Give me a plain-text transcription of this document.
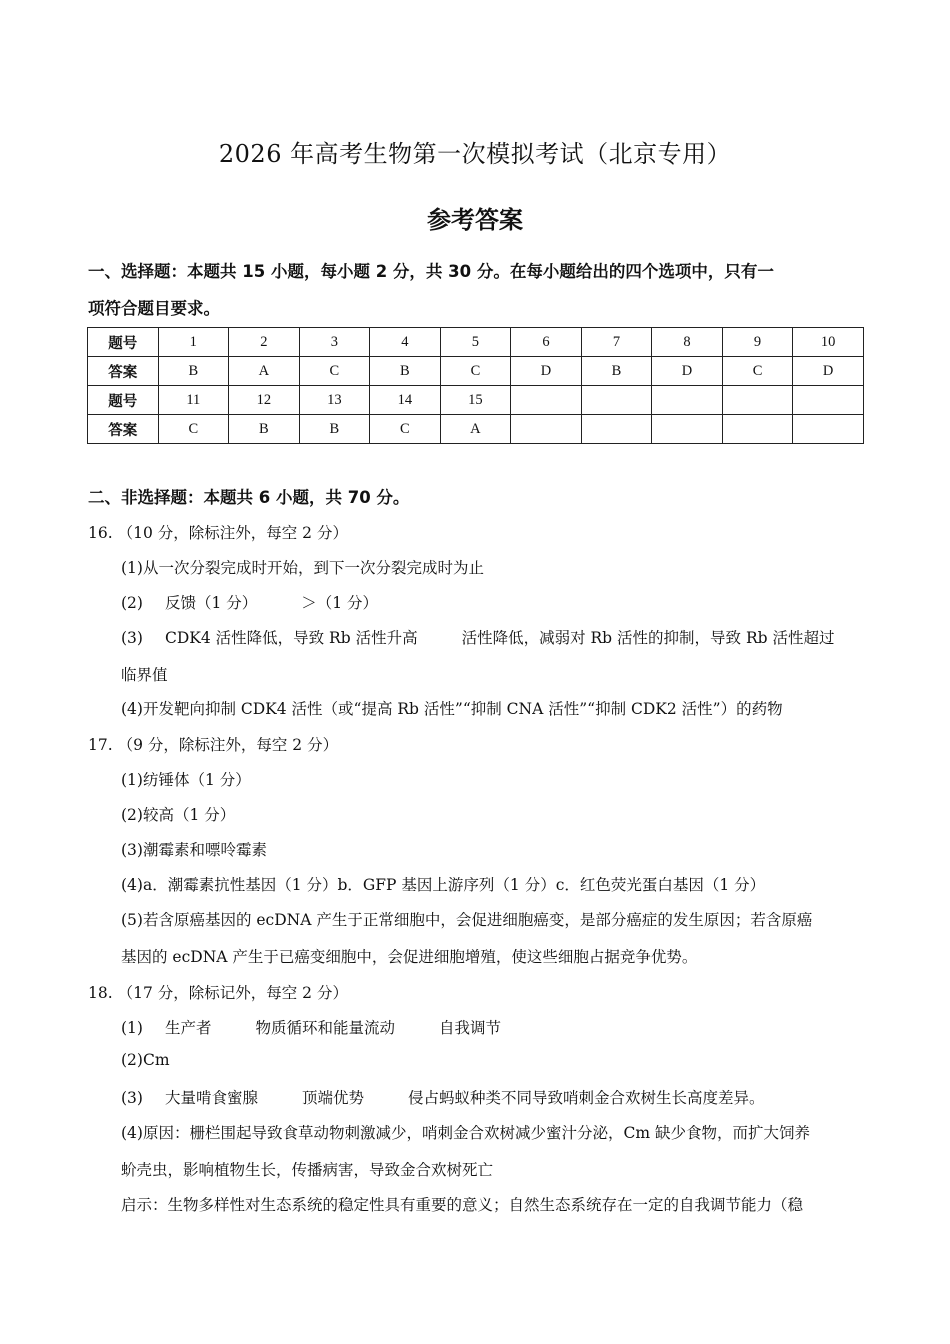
2026 年高考生物第一次模拟考试（北京专用）
参考答案
一、选择题：本题共 15 小题，每小题 2 分，共 30 分。在每小题给出的四个选项中，只有一
项符合题目要求。
题号	1	2	3	4	5	6	7	8	9	10
答案	B	A	C	B	C	D	B	D	C	D
题号	11	12	13	14	15					
答案	C	B	B	C	A					
二、非选择题：本题共 6 小题，共 70 分。
16. （10 分，除标注外，每空 2 分）
(1)从一次分裂完成时开始，到下一次分裂完成时为止
(2) 反馈（1 分）	＞（1 分）
(3) CDK4 活性降低，导致 Rb 活性升高	活性降低，减弱对 Rb 活性的抑制，导致 Rb 活性超过
临界值
(4)开发靶向抑制 CDK4 活性（或“提高 Rb 活性”“抑制 CNA 活性”“抑制 CDK2 活性”）的药物
17. （9 分，除标注外，每空 2 分）
(1)纺锤体（1 分）
(2)较高（1 分）
(3)潮霉素和嘌呤霉素
(4)a．潮霉素抗性基因（1 分）b．GFP 基因上游序列（1 分）c．红色荧光蛋白基因（1 分）
(5)若含原癌基因的 ecDNA 产生于正常细胞中，会促进细胞癌变，是部分癌症的发生原因；若含原癌
基因的 ecDNA 产生于已癌变细胞中，会促进细胞增殖，使这些细胞占据竞争优势。
18. （17 分，除标记外，每空 2 分）
(1) 生产者	物质循环和能量流动	自我调节
(2)Cm
(3) 大量啃食蜜腺	顶端优势	侵占蚂蚁种类不同导致哨刺金合欢树生长高度差异。
(4)原因：栅栏围起导致食草动物刺激减少，哨刺金合欢树减少蜜汁分泌，Cm 缺少食物，而扩大饲养
蚧壳虫，影响植物生长，传播病害，导致金合欢树死亡
启示：生物多样性对生态系统的稳定性具有重要的意义；自然生态系统存在一定的自我调节能力（稳
